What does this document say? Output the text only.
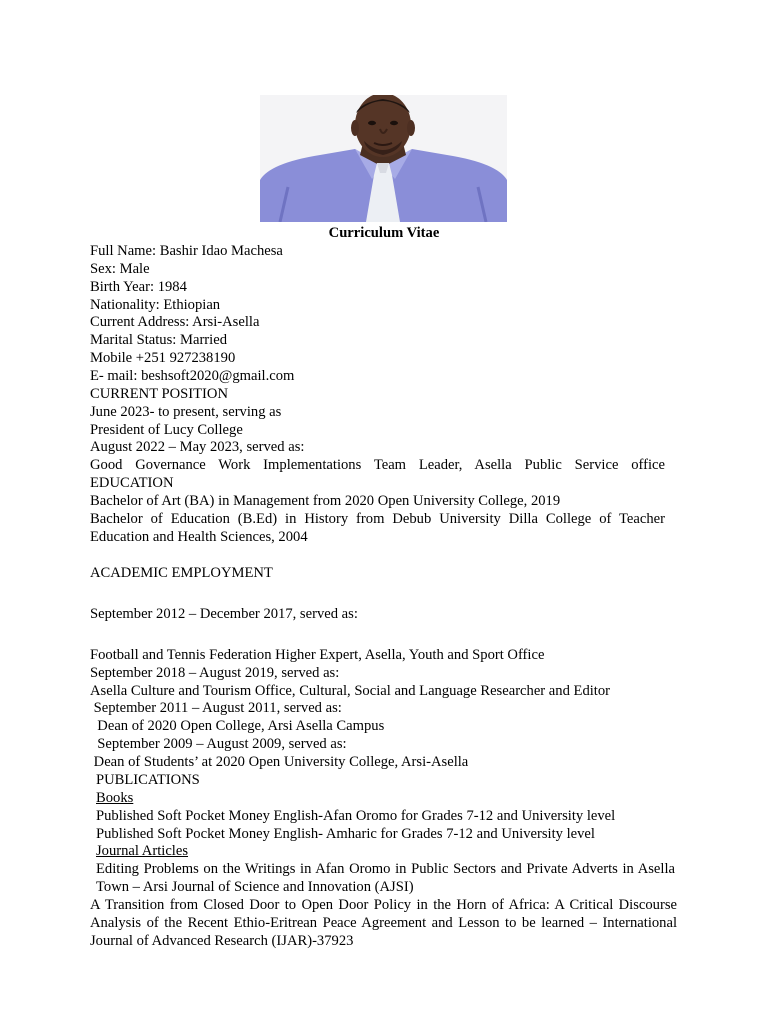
Curriculum Vitae
Full Name: Bashir Idao Machesa
Sex: Male
Birth Year: 1984
Nationality: Ethiopian
Current Address: Arsi-Asella
Marital Status: Married
Mobile +251 927238190
E- mail: beshsoft2020@gmail.com
CURRENT POSITION
June 2023- to present, serving as
President of Lucy College
August 2022 – May 2023, served as:
Good Governance Work Implementations Team Leader, Asella Public Service office
EDUCATION
Bachelor of Art (BA) in Management from 2020 Open University College, 2019
Bachelor of Education (B.Ed) in History from Debub University Dilla College of Teacher Education and Health Sciences, 2004
ACADEMIC EMPLOYMENT
September 2012 – December 2017, served as:
Football and Tennis Federation Higher Expert, Asella, Youth and Sport Office
September 2018 – August 2019, served as:
Asella Culture and Tourism Office, Cultural, Social and Language Researcher and Editor
September 2011 – August 2011, served as:
Dean of 2020 Open College, Arsi Asella Campus
September 2009 – August 2009, served as:
Dean of Students’ at 2020 Open University College, Arsi-Asella
PUBLICATIONS
Books
Published Soft Pocket Money English-Afan Oromo for Grades 7-12 and University level
Published Soft Pocket Money English- Amharic for Grades 7-12 and University level
Journal Articles
Editing Problems on the Writings in Afan Oromo in Public Sectors and Private Adverts in Asella Town – Arsi Journal of Science and Innovation (AJSI)
A Transition from Closed Door to Open Door Policy in the Horn of Africa: A Critical Discourse Analysis of the Recent Ethio-Eritrean Peace Agreement and Lesson to be learned – International Journal of Advanced Research (IJAR)-37923
